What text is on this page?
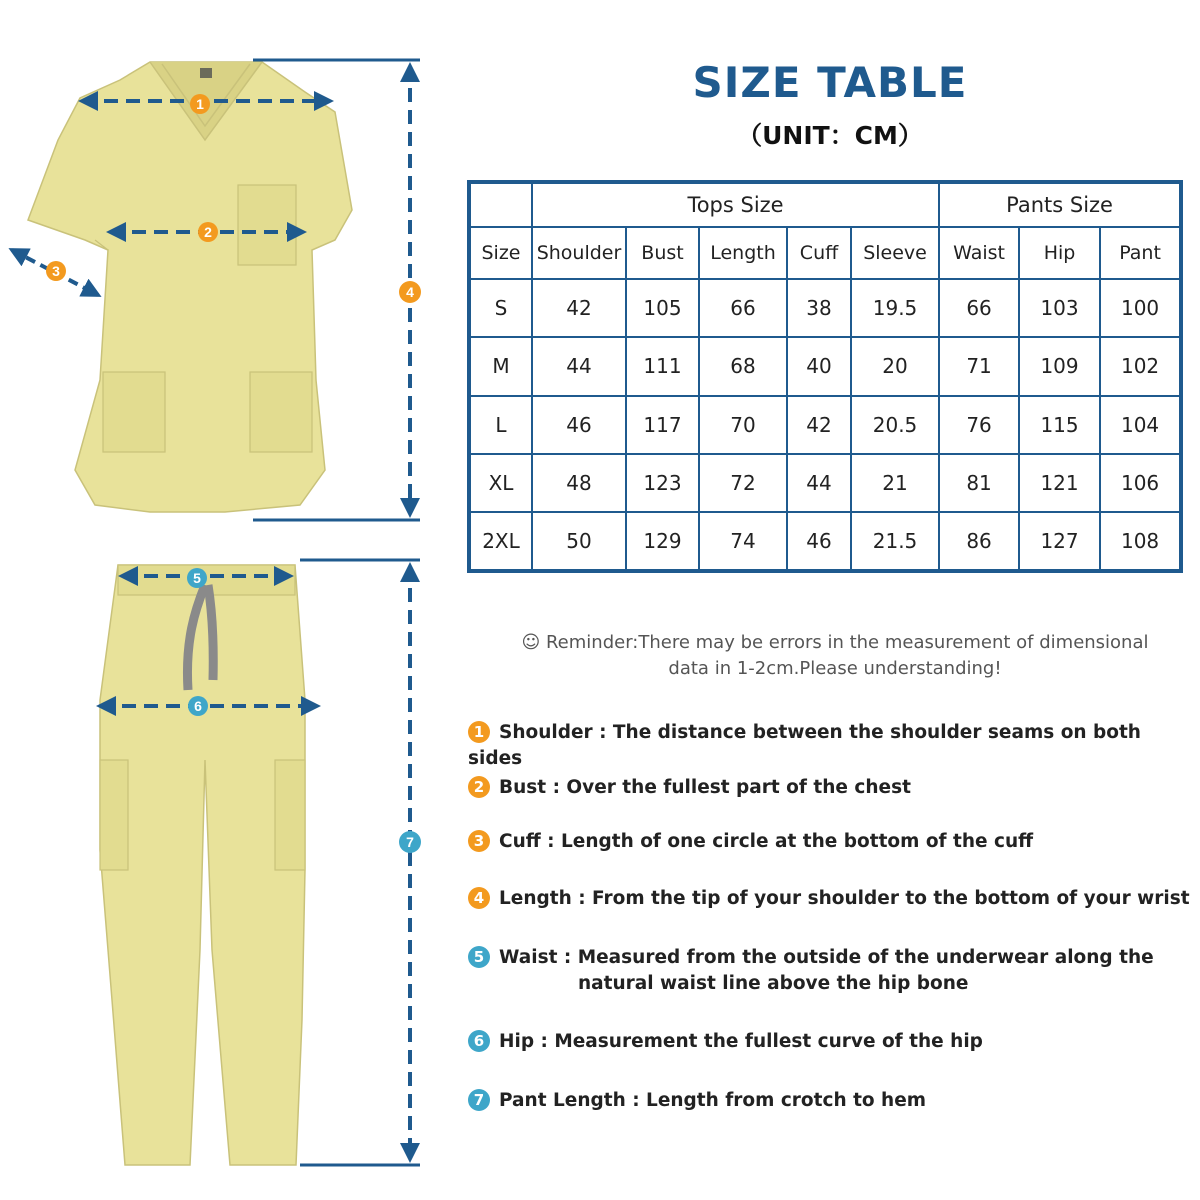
1
2
3
4
5
6
7
SIZE TABLE
（UNIT：CM）
	Tops Size					Pants Size		
Size	Shoulder	Bust	Length	Cuff	Sleeve	Waist	Hip	Pant
S	42	105	66	38	19.5	66	103	100
M	44	111	68	40	20	71	109	102
L	46	117	70	42	20.5	76	115	104
XL	48	123	72	44	21	81	121	106
2XL	50	129	74	46	21.5	86	127	108
☺ Reminder:There may be errors in the measurement of dimensional
data in 1-2cm.Please understanding!
1 Shoulder : The distance between the shoulder seams on both sides
2 Bust : Over the fullest part of the chest
3 Cuff : Length of one circle at the bottom of the cuff
4 Length : From the tip of your shoulder to the bottom of your wrist
5 Waist : Measured from the outside of the underwear along the
natural waist line above the hip bone
6 Hip : Measurement the fullest curve of the hip
7 Pant Length : Length from crotch to hem
